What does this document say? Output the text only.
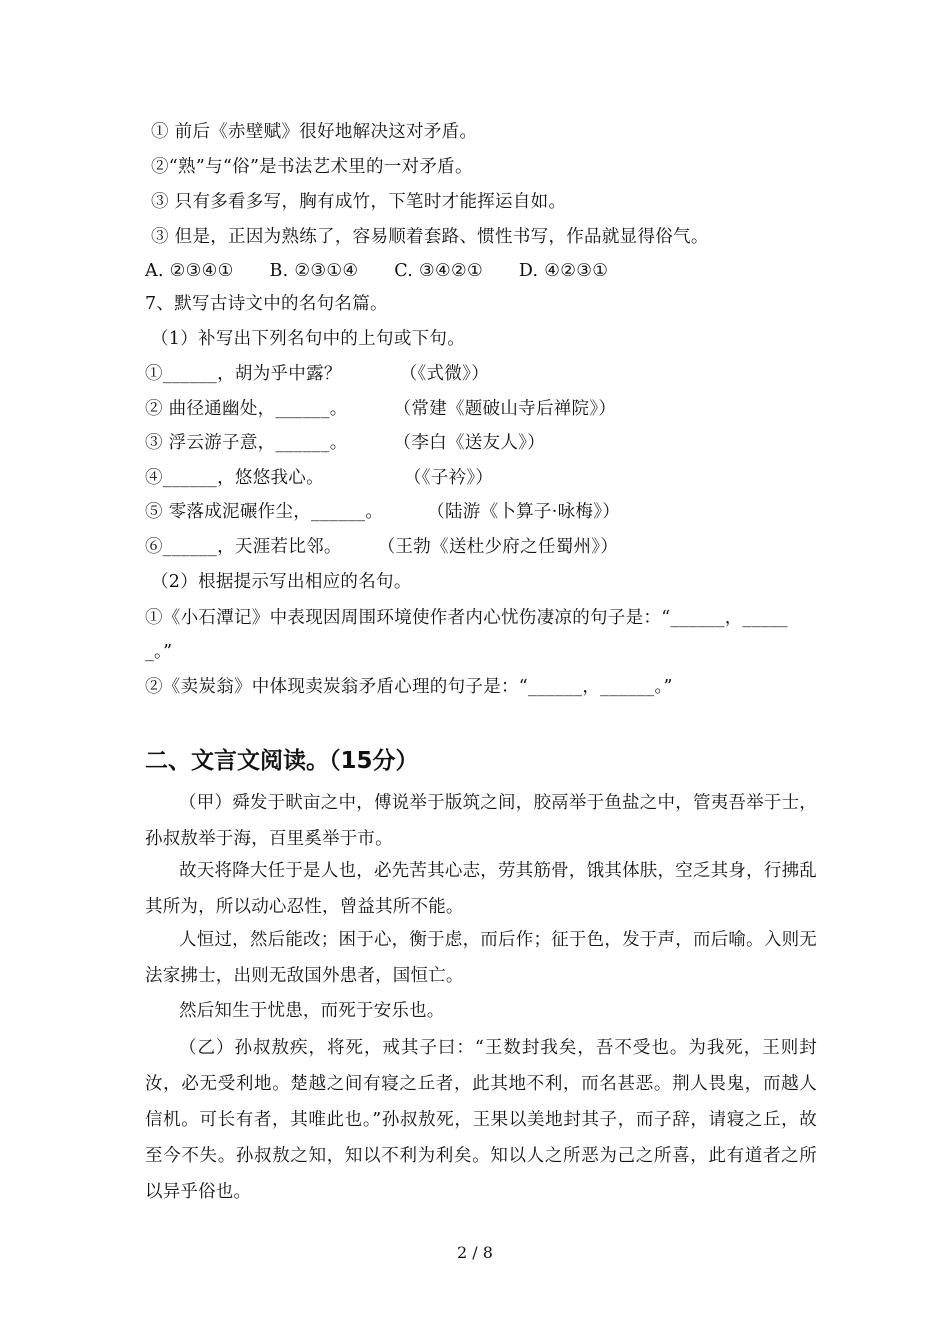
① 前后《赤壁赋》很好地解决这对矛盾。
②“熟”与“俗”是书法艺术里的一对矛盾。
③ 只有多看多写，胸有成竹，下笔时才能挥运自如。
③ 但是，正因为熟练了，容易顺着套路、惯性书写，作品就显得俗气。
A. ②③④① B. ②③①④ C. ③④②① D. ④②③①
7、默写古诗文中的名句名篇。
（1）补写出下列名句中的上句或下句。
①______，胡为乎中露？	（《式微》）
② 曲径通幽处，______。	（常建《题破山寺后禅院》）
③ 浮云游子意，______。	（李白《送友人》）
④______，悠悠我心。	（《子衿》）
⑤ 零落成泥碾作尘，______。	（陆游《卜算子·咏梅》）
⑥______，天涯若比邻。 （王勃《送杜少府之任蜀州》）
（2）根据提示写出相应的名句。
①《小石潭记》中表现因周围环境使作者内心忧伤凄凉的句子是：“______，_____
_。”
②《卖炭翁》中体现卖炭翁矛盾心理的句子是：“______，______。”
二、文言文阅读。（15分）

（甲）舜发于畎亩之中，傅说举于版筑之间，胶鬲举于鱼盐之中，管夷吾举于士，孙叔敖举于海，百里奚举于市。

故天将降大任于是人也，必先苦其心志，劳其筋骨，饿其体肤，空乏其身，行拂乱其所为，所以动心忍性，曾益其所不能。

人恒过，然后能改；困于心，衡于虑，而后作；征于色，发于声，而后喻。入则无法家拂士，出则无敌国外患者，国恒亡。

然后知生于忧患，而死于安乐也。

（乙）孙叔敖疾，将死，戒其子曰：“王数封我矣，吾不受也。为我死，王则封汝，必无受利地。楚越之间有寝之丘者，此其地不利，而名甚恶。荆人畏鬼，而越人信机。可长有者，其唯此也。”孙叔敖死，王果以美地封其子，而子辞，请寝之丘，故至今不失。孙叔敖之知，知以不利为利矣。知以人之所恶为己之所喜，此有道者之所以异乎俗也。

2 / 8
